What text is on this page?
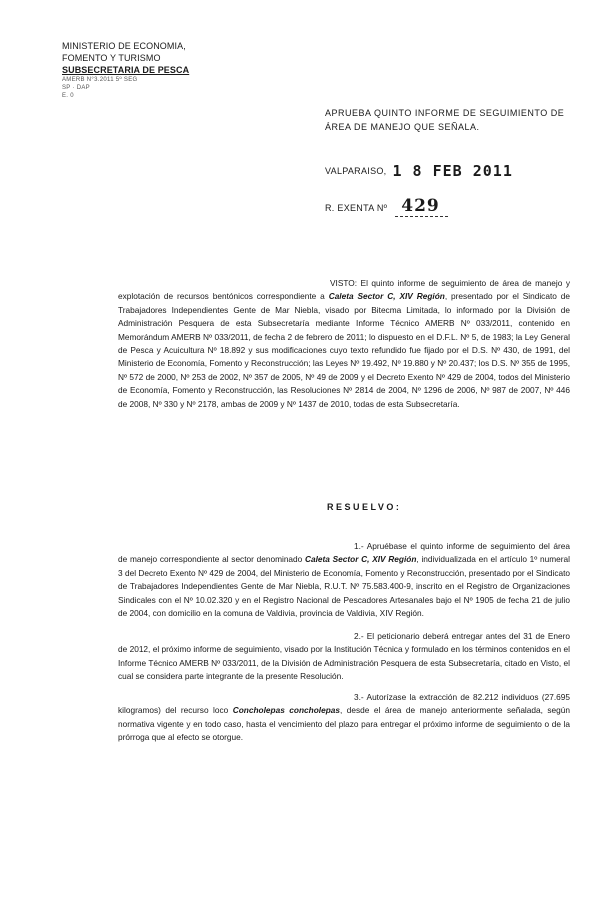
MINISTERIO DE ECONOMIA,
FOMENTO Y TURISMO
SUBSECRETARIA DE PESCA
AMERB N°3.2011 5º SEG
SP · DAP
E. 0
APRUEBA QUINTO INFORME DE SEGUIMIENTO DE ÁREA DE MANEJO QUE SEÑALA.
VALPARAISO, 1 8 FEB 2011
R. EXENTA Nº 429
VISTO: El quinto informe de seguimiento de área de manejo y explotación de recursos bentónicos correspondiente a Caleta Sector C, XIV Región, presentado por el Sindicato de Trabajadores Independientes Gente de Mar Niebla, visado por Bitecma Limitada, lo informado por la División de Administración Pesquera de esta Subsecretaría mediante Informe Técnico AMERB Nº 033/2011, contenido en Memorándum AMERB Nº 033/2011, de fecha 2 de febrero de 2011; lo dispuesto en el D.F.L. Nº 5, de 1983; la Ley General de Pesca y Acuicultura Nº 18.892 y sus modificaciones cuyo texto refundido fue fijado por el D.S. Nº 430, de 1991, del Ministerio de Economía, Fomento y Reconstrucción; las Leyes Nº 19.492, Nº 19.880 y Nº 20.437; los D.S. Nº 355 de 1995, Nº 572 de 2000, Nº 253 de 2002, Nº 357 de 2005, Nº 49 de 2009 y el Decreto Exento Nº 429 de 2004, todos del Ministerio de Economía, Fomento y Reconstrucción, las Resoluciones Nº 2814 de 2004, Nº 1296 de 2006, Nº 987 de 2007, Nº 446 de 2008, Nº 330 y Nº 2178, ambas de 2009 y Nº 1437 de 2010, todas de esta Subsecretaría.
RESUELVO:
1.- Apruébase el quinto informe de seguimiento del área de manejo correspondiente al sector denominado Caleta Sector C, XIV Región, individualizada en el artículo 1º numeral 3 del Decreto Exento Nº 429 de 2004, del Ministerio de Economía, Fomento y Reconstrucción, presentado por el Sindicato de Trabajadores Independientes Gente de Mar Niebla, R.U.T. Nº 75.583.400-9, inscrito en el Registro de Organizaciones Sindicales con el Nº 10.02.320 y en el Registro Nacional de Pescadores Artesanales bajo el Nº 1905 de fecha 21 de julio de 2004, con domicilio en la comuna de Valdivia, provincia de Valdivia, XIV Región.
2.- El peticionario deberá entregar antes del 31 de Enero de 2012, el próximo informe de seguimiento, visado por la Institución Técnica y formulado en los términos contenidos en el Informe Técnico AMERB Nº 033/2011, de la División de Administración Pesquera de esta Subsecretaría, citado en Visto, el cual se considera parte integrante de la presente Resolución.
3.- Autorízase la extracción de 82.212 individuos (27.695 kilogramos) del recurso loco Concholepas concholepas, desde el área de manejo anteriormente señalada, según normativa vigente y en todo caso, hasta el vencimiento del plazo para entregar el próximo informe de seguimiento o de la prórroga que al efecto se otorgue.
